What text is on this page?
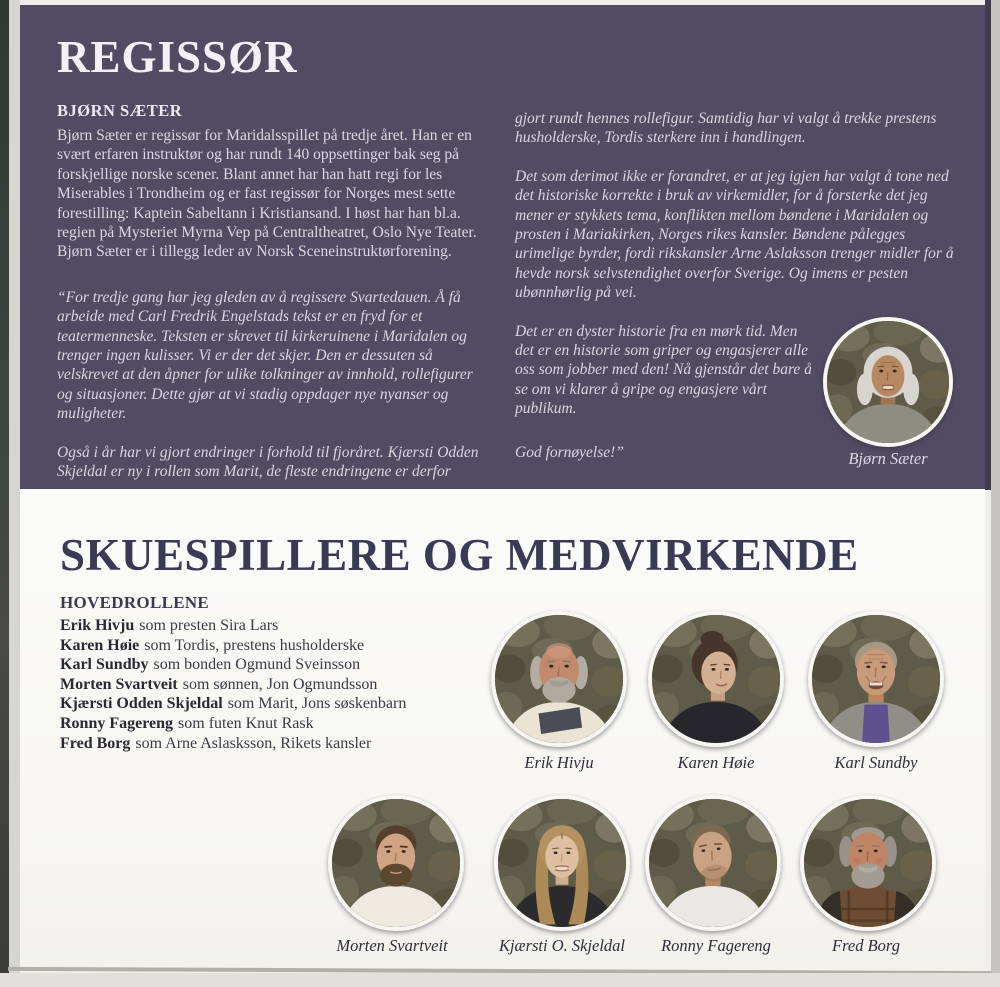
REGISSØR
BJØRN SÆTER

Bjørn Sæter er regissør for Maridalsspillet på tredje året. Han er en svært erfaren instruktør og har rundt 140 oppsettinger bak seg på forskjellige norske scener. Blant annet har han hatt regi for les Miserables i Trondheim og er fast regissør for Norges mest sette forestilling: Kaptein Sabeltann i Kristiansand. I høst har han bl.a. regien på Mysteriet Myrna Vep på Centraltheatret, Oslo Nye Teater. Bjørn Sæter er i tillegg leder av Norsk Sceneinstruktørforening.

“For tredje gang har jeg gleden av å regissere Svartedauen. Å få arbeide med Carl Fredrik Engelstads tekst er en fryd for et teatermenneske. Teksten er skrevet til kirkeruinene i Maridalen og trenger ingen kulisser. Vi er der det skjer. Den er dessuten så velskrevet at den åpner for ulike tolkninger av innhold, rollefigurer og situasjoner. Dette gjør at vi stadig oppdager nye nyanser og muligheter.

Også i år har vi gjort endringer i forhold til fjoråret. Kjærsti Odden Skjeldal er ny i rollen som Marit, de fleste endringene er derfor

gjort rundt hennes rollefigur. Samtidig har vi valgt å trekke prestens husholderske, Tordis sterkere inn i handlingen.

Det som derimot ikke er forandret, er at jeg igjen har valgt å tone ned det historiske korrekte i bruk av virkemidler, for å forsterke det jeg mener er stykkets tema, konflikten mellom bøndene i Maridalen og prosten i Mariakirken, Norges rikes kansler. Bøndene pålegges urimelige byrder, fordi rikskansler Arne Aslaksson trenger midler for å hevde norsk selvstendighet overfor Sverige. Og imens er pesten ubønnhørlig på vei.

Det er en dyster historie fra en mørk tid. Men det er en historie som griper og engasjerer alle oss som jobber med den! Nå gjenstår det bare å se om vi klarer å gripe og engasjere vårt publikum.

God fornøyelse!”	Bjørn Sæter
SKUESPILLERE OG MEDVIRKENDE
HOVEDROLLENE
Erik Hivju som presten Sira Lars
Karen Høie som Tordis, prestens husholderske
Karl Sundby som bonden Ogmund Sveinsson
Morten Svartveit som sønnen, Jon Ogmundsson
Kjærsti Odden Skjeldal som Marit, Jons søskenbarn
Ronny Fagereng som futen Knut Rask
Fred Borg som Arne Aslasksson, Rikets kansler
Erik Hivju	Karen Høie	Karl Sundby
Morten Svartveit	Kjærsti O. Skjeldal	Ronny Fagereng	Fred Borg
